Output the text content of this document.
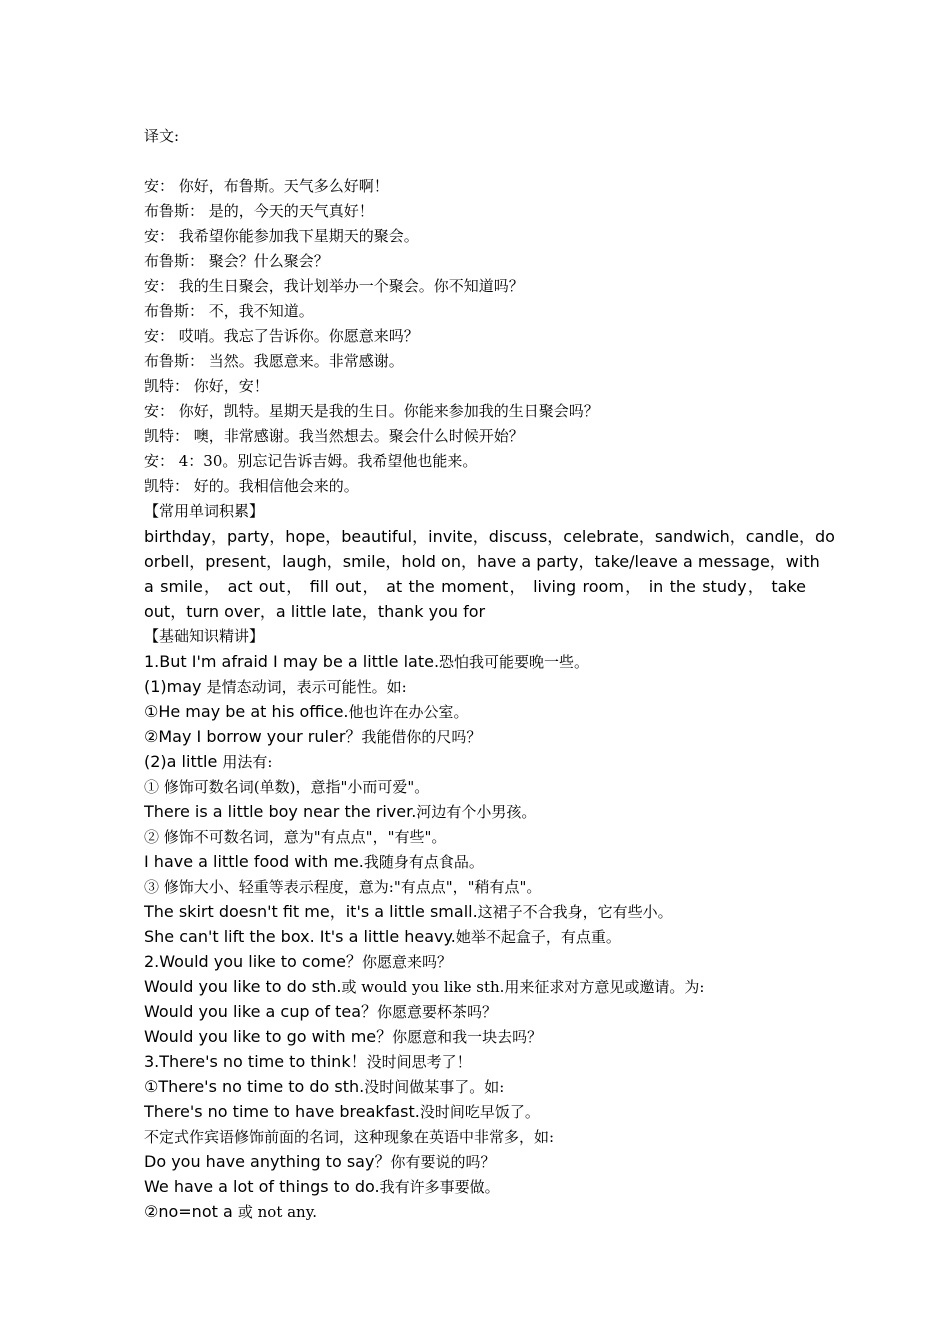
译文:
安： 你好，布鲁斯。天气多么好啊！
布鲁斯： 是的，今天的天气真好！
安： 我希望你能参加我下星期天的聚会。
布鲁斯： 聚会？什么聚会？
安： 我的生日聚会，我计划举办一个聚会。你不知道吗？
布鲁斯： 不，我不知道。
安： 哎哨。我忘了告诉你。你愿意来吗？
布鲁斯： 当然。我愿意来。非常感谢。
凯特： 你好，安！
安： 你好，凯特。星期天是我的生日。你能来参加我的生日聚会吗？
凯特： 噢，非常感谢。我当然想去。聚会什么时候开始？
安： 4：30。别忘记告诉吉姆。我希望他也能来。
凯特： 好的。我相信他会来的。
【常用单词积累】
birthday，party，hope，beautiful，invite，discuss，celebrate，sandwich，candle，do
orbell，present，laugh，smile，hold on，have a party，take/leave a message，with
a smile， act out， fill out， at the moment， living room， in the study， take
out，turn over，a little late，thank you for
【基础知识精讲】
1.But I'm afraid I may be a little late.恐怕我可能要晚一些。
(1)may 是情态动词，表示可能性。如:
①He may be at his office.他也许在办公室。
②May I borrow your ruler？我能借你的尺吗？
(2)a little 用法有:
① 修饰可数名词(单数)，意指"小而可爱"。
There is a little boy near the river.河边有个小男孩。
② 修饰不可数名词，意为"有点点"，"有些"。
I have a little food with me.我随身有点食品。
③ 修饰大小、轻重等表示程度，意为:"有点点"，"稍有点"。
The skirt doesn't fit me，it's a little small.这裙子不合我身，它有些小。
She can't lift the box. It's a little heavy.她举不起盒子，有点重。
2.Would you like to come？你愿意来吗？
Would you like to do sth.或 would you like sth.用来征求对方意见或邀请。为:
Would you like a cup of tea？你愿意要杯茶吗？
Would you like to go with me？你愿意和我一块去吗？
3.There's no time to think！没时间思考了！
①There's no time to do sth.没时间做某事了。如:
There's no time to have breakfast.没时间吃早饭了。
不定式作宾语修饰前面的名词，这种现象在英语中非常多，如:
Do you have anything to say？你有要说的吗？
We have a lot of things to do.我有许多事要做。
②no=not a 或 not any.
